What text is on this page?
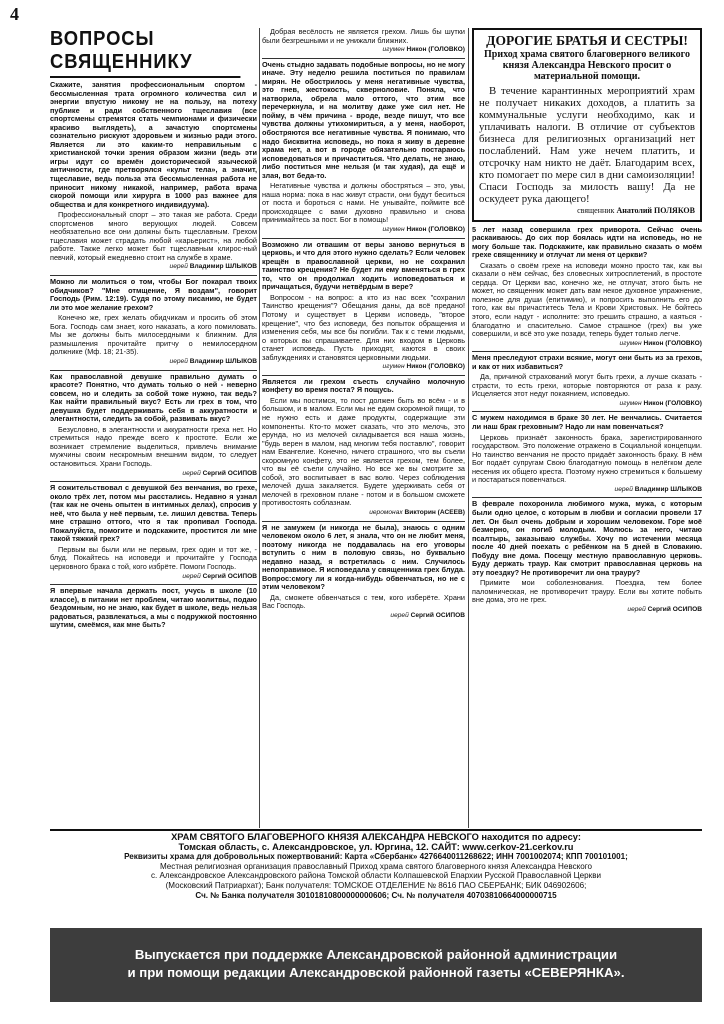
4
ВОПРОСЫ СВЯЩЕННИКУ
Скажите, занятия профессиональным спортом - бессмысленная трата огромного количества сил и энергии впустую никому не на пользу, на потеху публике и ради собственного тщеславия (все спортсмены стремятся стать чемпионами и физически красиво выглядеть), а зачастую спортсмены сознательно рискуют здоровьем и жизнью ради этого. Является ли это каким-то неправильным с христианской точки зрения образом жизни (ведь эти игры идут со времён доисторической языческой античности, где претворялся «культ тела», а значит, тщеславие, ведь польза эта бессмысленная работа не приносит никому никакой, например, работа врача скорой помощи или хирурга в 1000 раз важнее для общества и для конкретного индивидуума).
Профессиональный спорт – это такая же работа. Среди спортсменов много верующих людей. Совсем необязательно все они должны быть тщеславным. Грехом тщеславия может страдать любой «карьерист», на любой работе. Также легко может быт тщеславным клирос-ный певчий, который ежедневно стоит на службе в храме.
иерей Владимир ШЛЫКОВ
Можно ли молиться о том, чтобы Бог покарал твоих обидчиков? "Мне отмщение, Я воздам", говорит Господь (Рим. 12:19). Судя по этому писанию, не будет ли это мое желание грехом?
Конечно же, грех желать обидчикам и просить об этом Бога. Господь сам знает, кого наказать, а кого помиловать. Мы же должны быть милосердными к ближним. Для размышления прочитайте притчу о немилосердном должнике (Мф. 18; 21-35).
иерей Владимир ШЛЫКОВ
Как православной девушке правильно думать о красоте? Понятно, что думать только о ней - неверно совсем, но и следить за собой тоже нужно, так ведь? Как найти правильный вкус? Есть ли грех в том, что девушка будет поддерживать себя в аккуратности и элегантности, следить за собой, развивать вкус?
Безусловно, в элегантности и аккуратности греха нет. Но стремиться надо прежде всего к простоте. Если же возникает стремление выделиться, привлечь внимание мужчины своим нескромным внешним видом, то следует остановиться. Храни Господь.
иерей Сергий ОСИПОВ
Я сожительствовал с девушкой без венчания, во грехе, около трёх лет, потом мы расстались. Недавно я узнал (так как не очень опытен в интимных делах), спросив у неё, что была у неё первым, т.е. лишил девства. Теперь мне страшно оттого, что я так пропивал Господа. Пожалуйста, помогите и подскажите, простится ли мне такой тяжкий грех?
Первым вы были или не первым, грех один и тот же, - блуд. Покайтесь на исповеди и прочитайте у Господа церковного брака с той, кого избрёте. Помоги Господь.
иерей Сергий ОСИПОВ
Я впервые начала держать пост, учусь в школе (10 классе), в питании нет проблем, читаю молитвы, подаю бездомным, но не знаю, как будет в школе, ведь нельзя радоваться, развлекаться, а мы с подружкой постоянно шутим, смеёмся, как мне быть?
Добрая весёлость не является грехом. Лишь бы шутки были безгрешными и не унижали ближних.
игумен Никон (ГОЛОВКО)
Очень стыдно задавать подобные вопросы, но не могу иначе. Эту неделю решила поститься по правилам мирян. Не обострилось у меня негативные чувства, это гнев, жестокость, скверноловие. Поняла, что натворила, обрела мало оттого, что этим все перечеркнула, и на молитву даже уже сил нет. Не пойму, в чём причина - вроде, везде пишут, что все чувства должны утихомириться, а у меня, наоборот, обостряются все негативные чувства. Я понимаю, что надо бисквитна исповедь, но пока я живу в деревне храма нет, а вот в городе обязательно постараюсь исповедоваться и причаститься. Что делать, не знаю, либо поститься мне нельзя (и так худая), да ещё и злая, вот беда-то.
Негативные чувства и должны обостряться – это, увы, наша норма: пока в нас живут страсти, они будут беситься от поста и бороться с нами. Не унывайте, поймите всё происходящее с вами духовно правильно и снова принимайтесь за пост. Бог в помощь!
игумен Никон (ГОЛОВКО)
Возможно ли отвашим от веры заново вернуться в церковь, и что для этого нужно сделать? Если человек крещён в православной церкви, но не сохранил таинство крещения? Не будет ли ему вменяться в грех то, что он продолжал ходить исповедоваться и причащаться, будучи нетвёрдым в вере?
Вопросом - на вопрос: а кто из нас всех "сохранил Таинство крещения"? Обещания даны, да всё предано! Потому и существует в Церкви исповедь, "второе крещение", что без исповеди, без попыток обращения и изменения себя, мы все бы погибли. Так к с теми людьми, о которых вы спрашиваете. Для них входом в Церковь станет исповедь. Пусть приходят, каются в своих заблуждениях и становятся церковными людьми.
игумен Никон (ГОЛОВКО)
Является ли грехом съесть случайно молочную конфету во время поста? Я пощусь.
Если мы постимся, то пост должен быть во всём - и в большом, и в малом. Если мы не едим скоромной пищи, то не нужно есть и даже продукты, содержащие эти компоненты. Кто-то может сказать, что это мелочь, это ерунда, но из мелочей складывается вся наша жизнь, "будь верен в малом, над многим тебя поставлю", говорит нам Евангелие. Конечно, ничего страшного, что вы съели скоромную конфету, это не является грехом, тем более, что вы её съели случайно. Но все же вы смотрите за собой, это воспитывает в вас волю. Через соблюдения мелочей душа закаляется. Будете удерживать себя от мелочей в греховном плане - потом и в большом сможете противостоять соблазнам.
иеромонах Викторин (АСЕЕВ)
Я не замужем (и никогда не была), знаюсь с одним человеком около 6 лет, я знала, что он не любит меня, поэтому никогда не поддавалась на его уговоры вступить с ним в половую связь, но буквально недавно назад, я встретилась с ним. Случилось непоправимое. Я исповедала у священника грех блуда. Вопрос:смогу ли я когда-нибудь обвенчаться, но не с этим человеком?
Да, сможете обвенчаться с тем, кого изберёте. Храни Вас Господь.
иерей Сергий ОСИПОВ
ДОРОГИЕ БРАТЬЯ И СЕСТРЫ!
Приход храма святого благоверного великого князя Александра Невского просит о материальной помощи.

В течение карантинных мероприятий храм не получает никаких доходов, а платить за коммунальные услуги необходимо, как и уплачивать налоги. В отличие от субъектов бизнеса для религиозных организаций нет послаблений. Нам уже нечем платить, и отсрочку нам никто не даёт. Благодарим всех, кто помогает по мере сил в дни самоизоляции! Спаси Господь за милость вашу! Да не оскудеет рука дающего!

священник Анатолий ПОЛЯКОВ
5 лет назад совершила грех приворота. Сейчас очень раскаиваюсь. До сих пор боялась идти на исповедь, но не могу больше так. Подскажите, как правильно сказать о моём грехе священнику и отлучат ли меня от церкви?
Сказать о своём грехе на исповеди можно просто так, как вы сказали о нём сейчас, без словесных хитросплетений, в простоте сердца. От Церкви вас, конечно же, не отлучат, этого быть не может, но священник может дать вам некое духовное упражнение, полезное для души (епитимию), и попросить выполнить его до того, как вы причаститесь Тела и Крови Христовых. Не бойтесь этого, если надут - исполните: это грешить страшно, а каяться - благодатно и спасительно. Самое страшное (грех) вы уже совершили, и всё это уже позади, теперь будет только легче.
игумен Никон (ГОЛОВКО)
Меня преследуют страхи всякие, могут они быть из за грехов, и как от них избавиться?
Да, причиной страхований могут быть грехи, а лучше сказать - страсти, то есть грехи, которые повторяются от раза к разу. Исцеляется этот недуг покаянием, исповедью.
игумен Никон (ГОЛОВКО)
С мужем находимся в браке 30 лет. Не венчались. Считается ли наш брак греховным? Надо ли нам повенчаться?
Церковь признаёт законность брака, зарегистрированного государством. Это положение отражено в Социальной концепции. Но таинство венчания не просто придаёт законность браку. В нём Бог подаёт супругам Свою благодатную помощь в нелёгком деле несения их общего креста. Поэтому нужно стремиться к большему и постараться повенчаться.
иерей Владимир ШЛЫКОВ
В феврале похоронила любимого мужа, мужа, с которым были одно целое, с которым в любви и согласии провели 17 лет. Он был очень добрым и хорошим человеком. Горе моё безмерно, он погиб молодым. Молюсь за него, читаю псалтырь, заказываю службы. Хочу по истечении месяца после 40 дней поехать с ребёнком на 5 дней в Словакию. Побуду вне дома. Посещу местную православную церковь. Буду держать траур. Как смотрит православная церковь на эту поездку? Не противоречит ли она трауру?
Примите мои соболезнования. Поездка, тем более паломническая, не противоречит трауру. Если вы хотите побыть вне дома, это не грех.
иерей Сергий ОСИПОВ
ХРАМ СВЯТОГО БЛАГОВЕРНОГО КНЯЗЯ АЛЕКСАНДРА НЕВСКОГО находится по адресу:
Томская область, с. Александровское, ул. Юргина, 12. САЙТ: www.cerkov-21.cerkov.ru
Реквизиты храма для добровольных пожертвований: Карта «Сбербанк» 4276640011268622; ИНН 7001002074; КПП 700101001;
Местная религиозная организация православный Приход храма святого благоверного князя Александра Невского
с. Александровское Александровского района Томской области Колпашевской Епархии Русской Православной Церкви
(Московский Патриархат); Банк получателя: ТОМСКОЕ ОТДЕЛЕНИЕ № 8616 ПАО СБЕРБАНК; БИК 046902606;
Сч. № Банка получателя 30101810800000000606; Сч. № получателя 40703810664000000715
Выпускается при поддержке Александровской районной администрации
и при помощи редакции Александровской районной газеты «СЕВЕРЯНКА».
